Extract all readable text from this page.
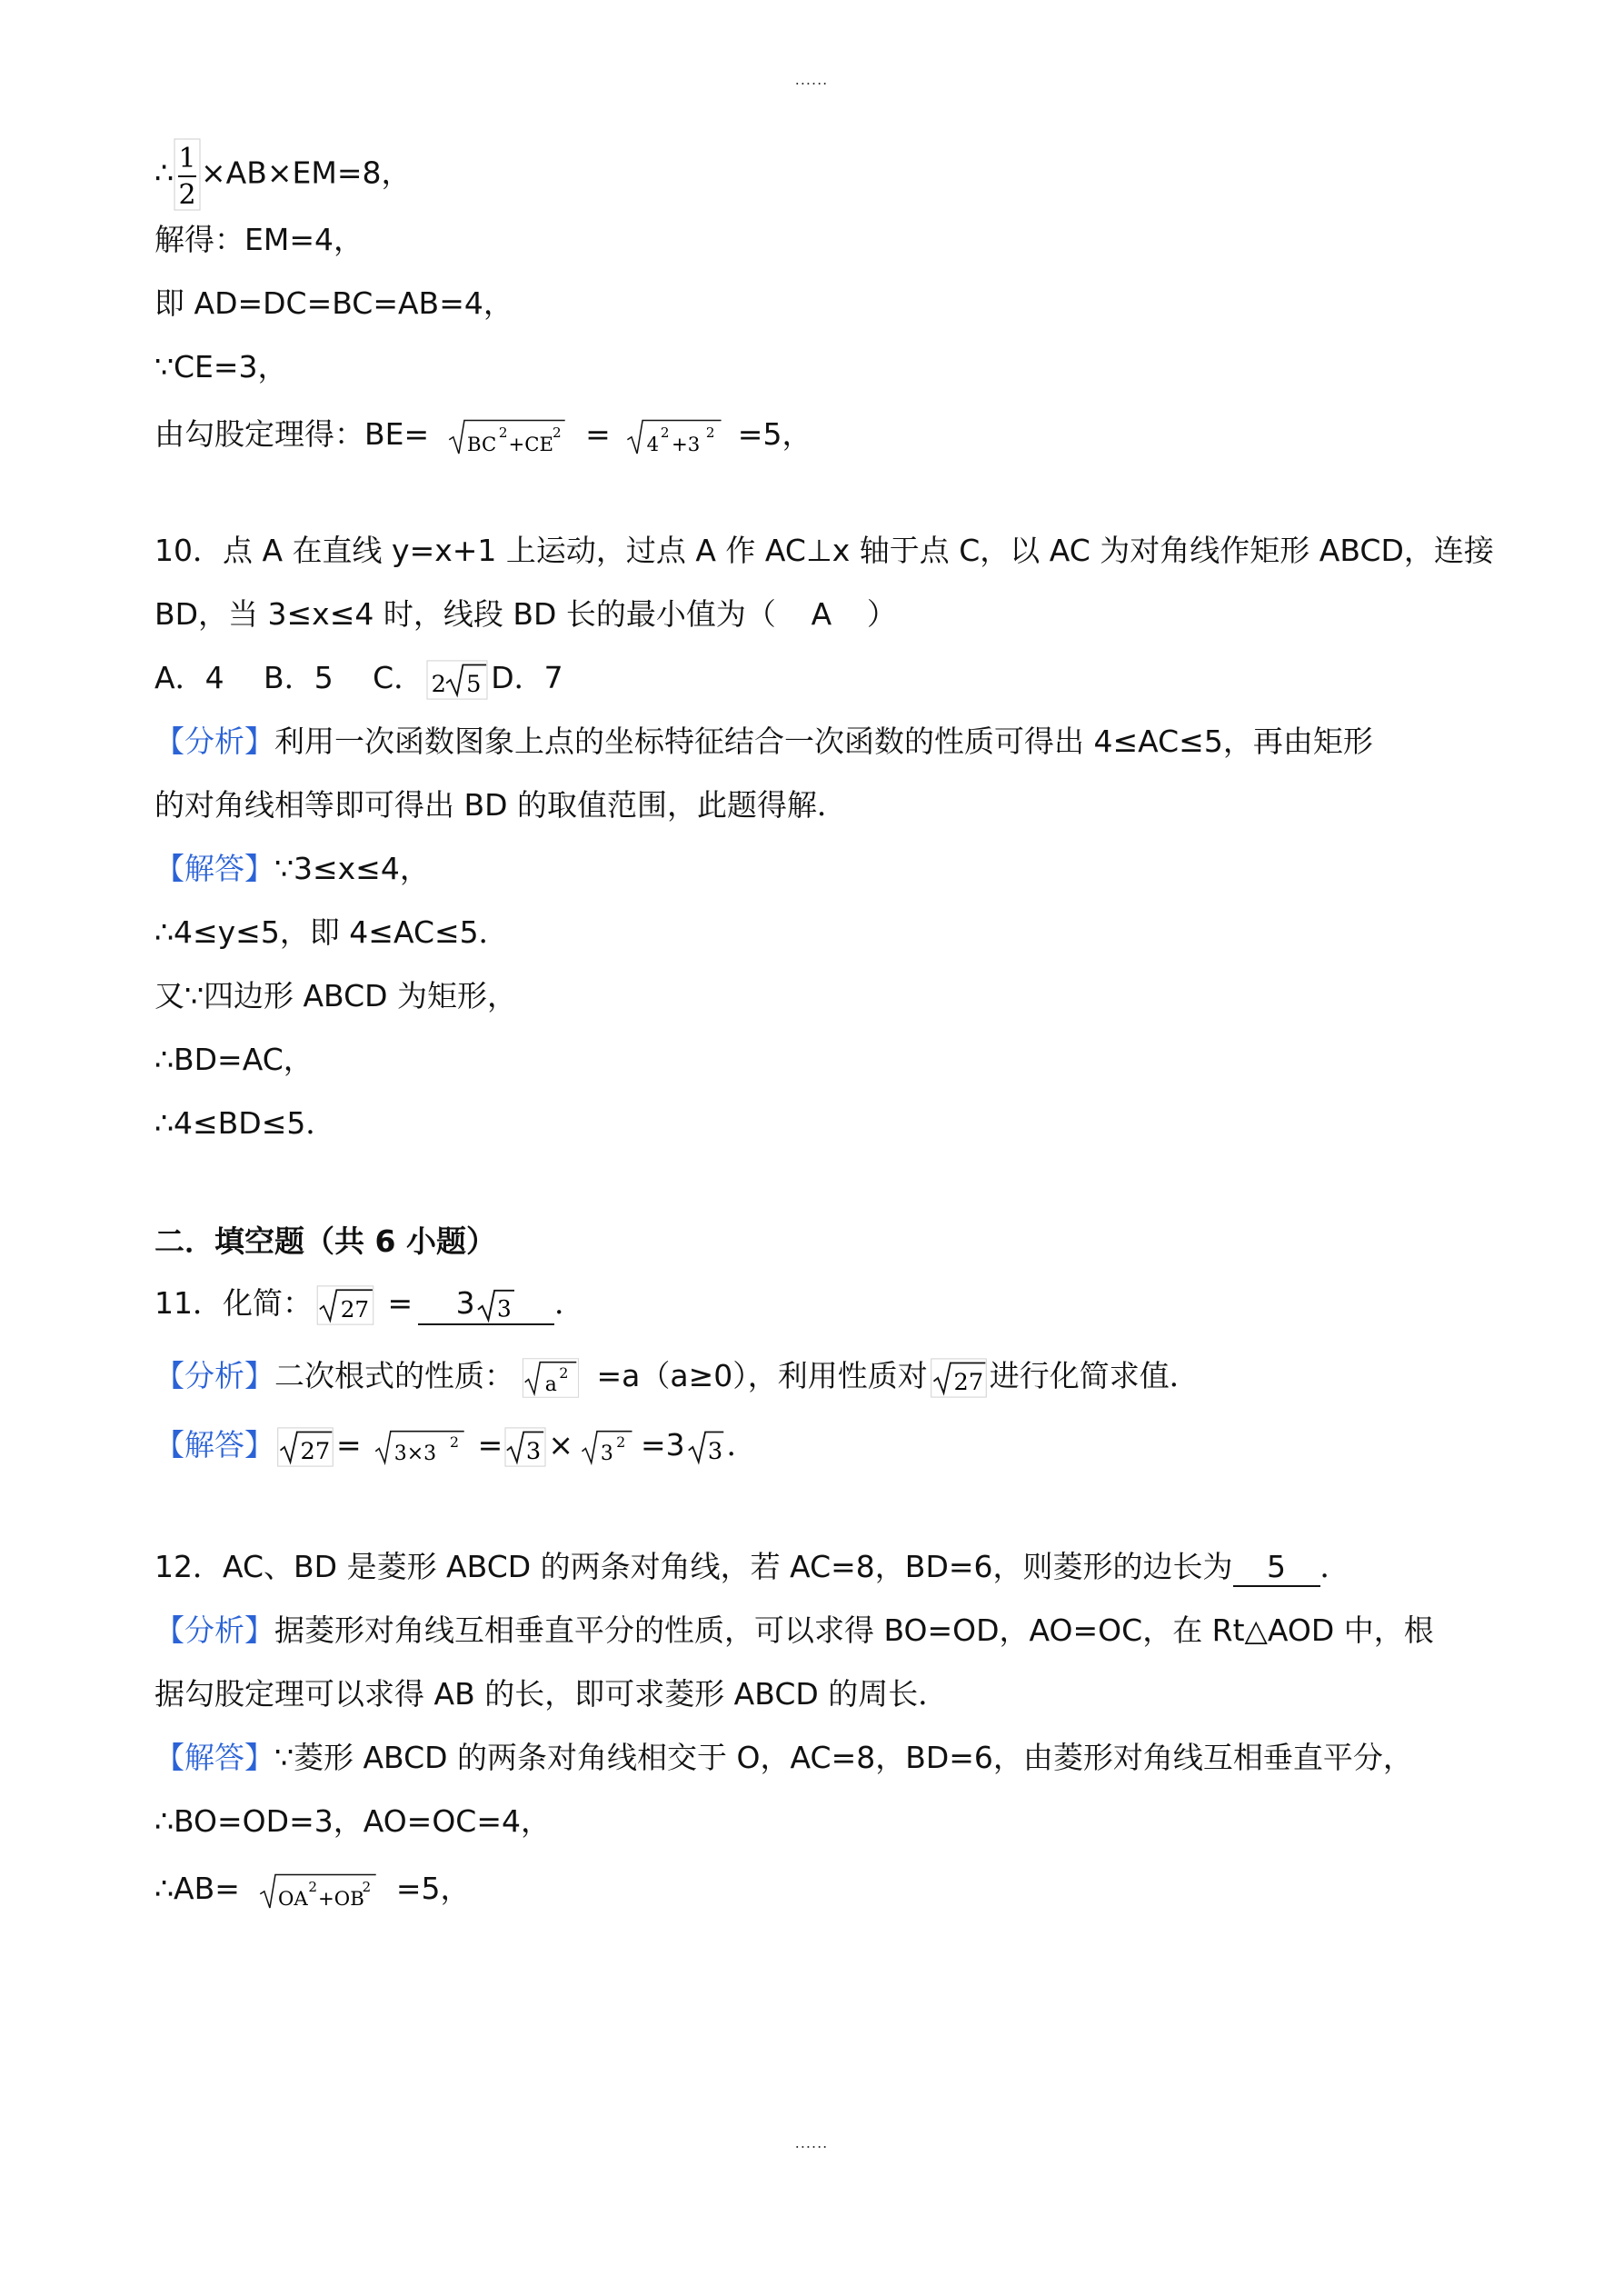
......
∴ 1
2
×AB×EM=8，
解得：EM=4，
即 AD=DC=BC=AB=4，
∵CE=3，
由勾股定理得：BE= BC
2
+CE
2 = 4
2
+3
2 =5，
10．点 A 在直线 y=x+1 上运动，过点 A 作 AC⊥x 轴于点 C，以 AC 为对角线作矩形 ABCD，连接
BD，当 3≤x≤4 时，线段 BD 长的最小值为（ A ）
A．4　 B．5　 C． 2 5 D．7
【分析】利用一次函数图象上点的坐标特征结合一次函数的性质可得出 4≤AC≤5，再由矩形
的对角线相等即可得出 BD 的取值范围，此题得解．
【解答】∵3≤x≤4，
∴4≤y≤5，即 4≤AC≤5．
又∵四边形 ABCD 为矩形，
∴BD=AC，
∴4≤BD≤5．
二．填空题（共 6 小题）
11．化简： 27 = 3 3 ．
【分析】二次根式的性质： a
2 =a（a≥0），利用性质对 27 进行化简求值．
【解答】 27 = 3×3
2 = 3 × 3
2 =3 3 ．
12．AC、BD 是菱形 ABCD 的两条对角线，若 AC=8，BD=6，则菱形的边长为 5 ．
【分析】据菱形对角线互相垂直平分的性质，可以求得 BO=OD，AO=OC，在 Rt△AOD 中，根
据勾股定理可以求得 AB 的长，即可求菱形 ABCD 的周长．
【解答】∵菱形 ABCD 的两条对角线相交于 O，AC=8，BD=6，由菱形对角线互相垂直平分，
∴BO=OD=3，AO=OC=4，
∴AB= OA
2
+OB
2 =5，
......
